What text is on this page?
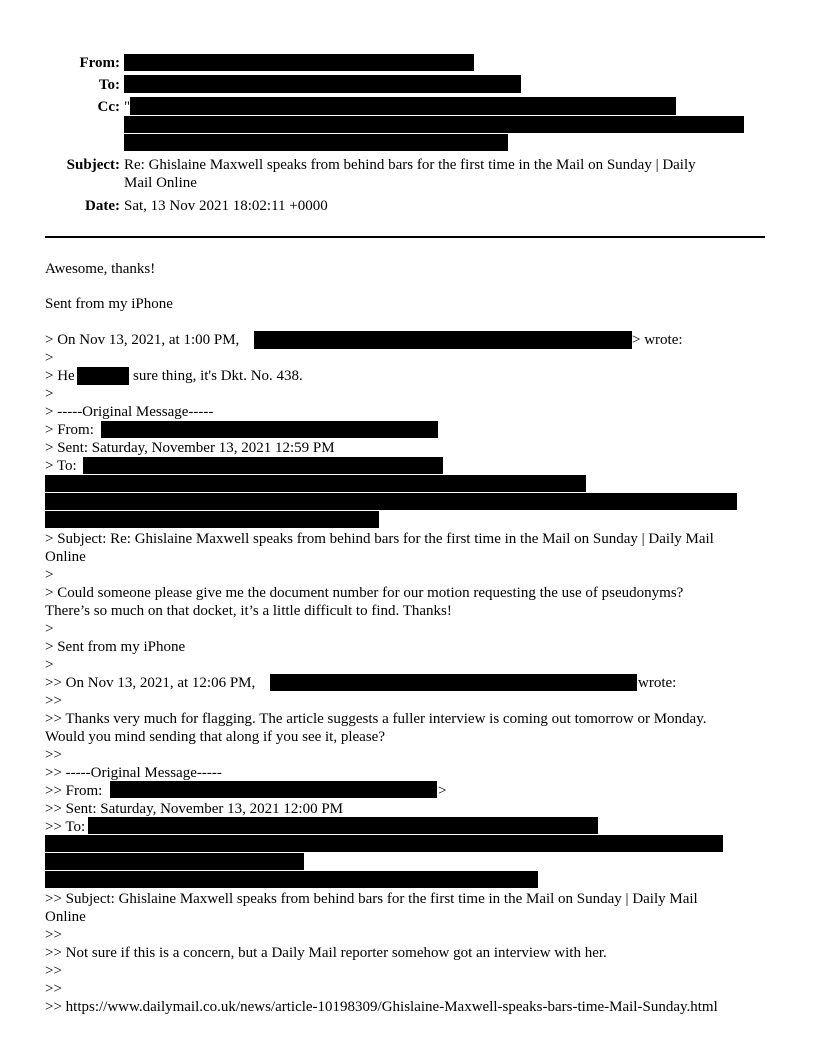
From:
To:
Cc: "
Subject: Re: Ghislaine Maxwell speaks from behind bars for the first time in the Mail on Sunday | Daily
Mail Online
Date: Sat, 13 Nov 2021 18:02:11 +0000
Awesome, thanks!
Sent from my iPhone
> On Nov 13, 2021, at 1:00 PM,	> wrote:
>
> He	sure thing, it's Dkt. No. 438.
>
> -----Original Message-----
> From:
> Sent: Saturday, November 13, 2021 12:59 PM
> To:
> Subject: Re: Ghislaine Maxwell speaks from behind bars for the first time in the Mail on Sunday | Daily Mail
Online
>
> Could someone please give me the document number for our motion requesting the use of pseudonyms?
There’s so much on that docket, it’s a little difficult to find. Thanks!
>
> Sent from my iPhone
>
>> On Nov 13, 2021, at 12:06 PM,	wrote:
>>
>> Thanks very much for flagging. The article suggests a fuller interview is coming out tomorrow or Monday.
Would you mind sending that along if you see it, please?
>>
>> -----Original Message-----
>> From:	>
>> Sent: Saturday, November 13, 2021 12:00 PM
>> To:
>> Subject: Ghislaine Maxwell speaks from behind bars for the first time in the Mail on Sunday | Daily Mail
Online
>>
>> Not sure if this is a concern, but a Daily Mail reporter somehow got an interview with her.
>>
>>
>> https://www.dailymail.co.uk/news/article-10198309/Ghislaine-Maxwell-speaks-bars-time-Mail-Sunday.html
